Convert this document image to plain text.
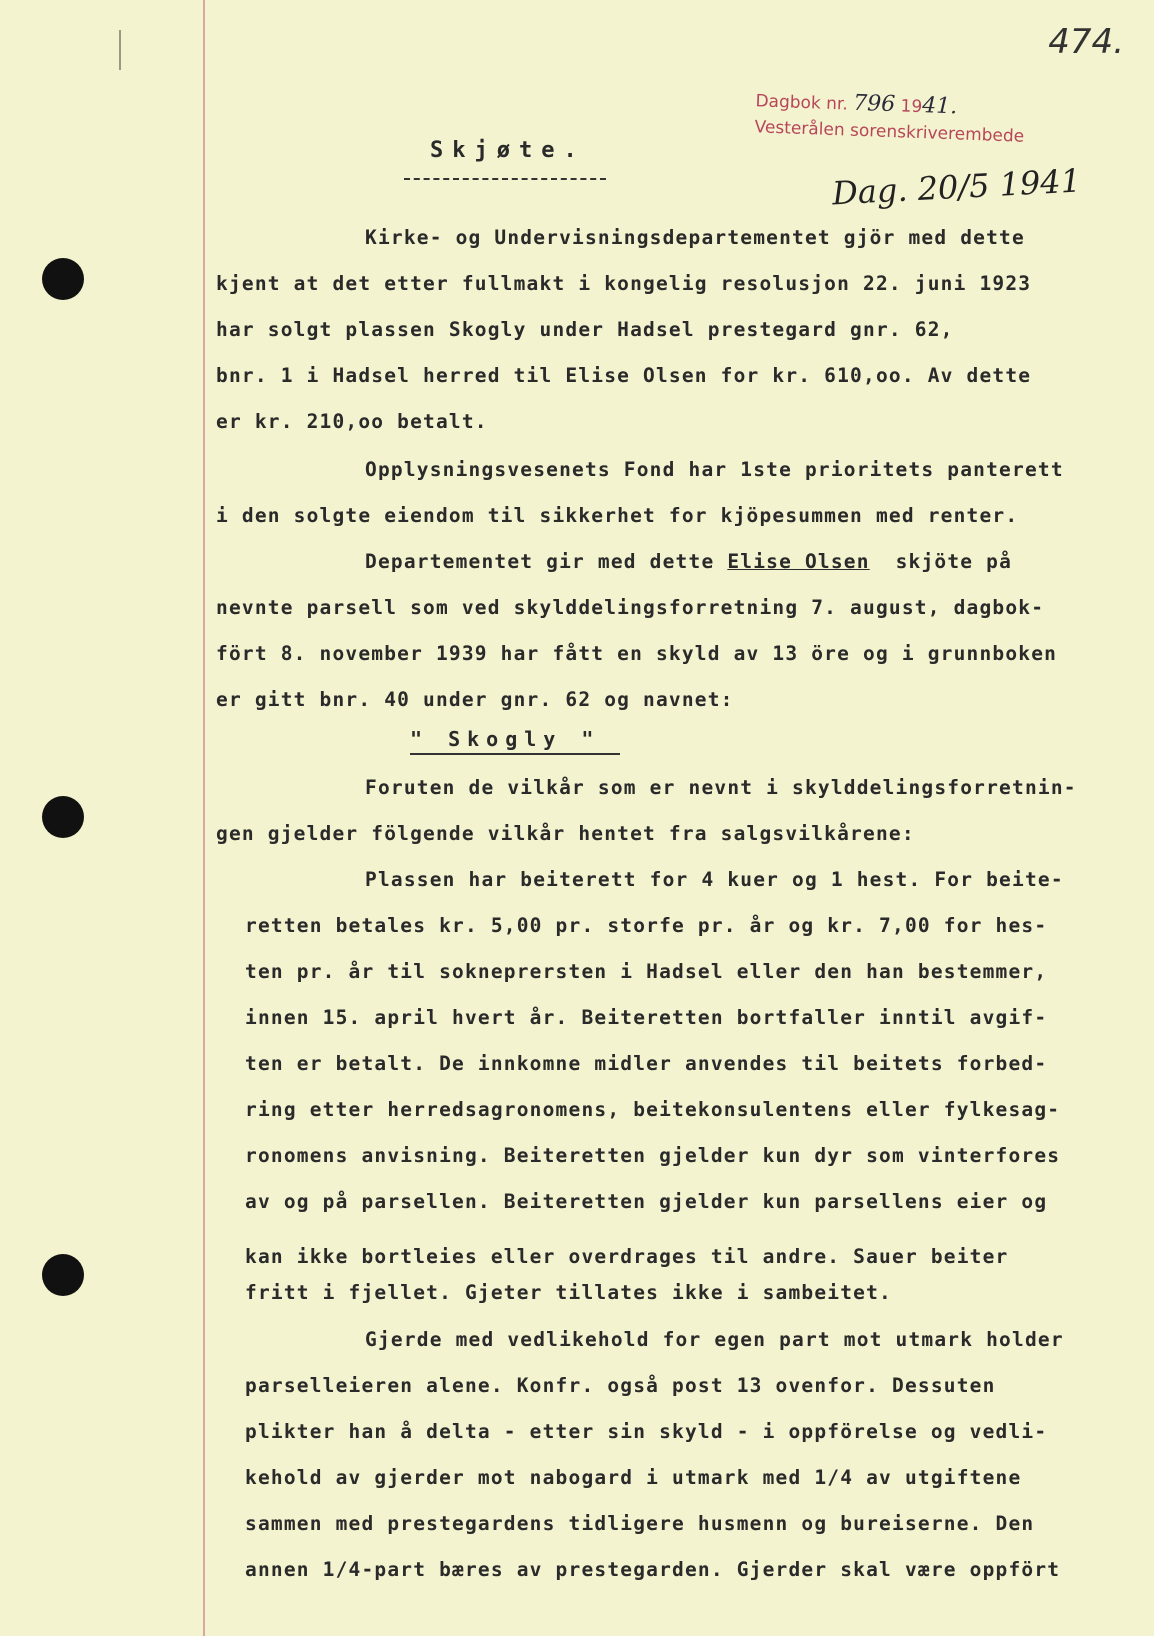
474.
Dagbok nr. 796 1941.
Vesterålen sorenskriverembede
Dag. 20/5 1941
Skjøte.
Kirke- og Undervisningsdepartementet gjör med dette
kjent at det etter fullmakt i kongelig resolusjon 22. juni 1923
har solgt plassen Skogly under Hadsel prestegard gnr. 62,
bnr. 1 i Hadsel herred til Elise Olsen for kr. 610,oo. Av dette
er kr. 210,oo betalt.
Opplysningsvesenets Fond har 1ste prioritets panterett
i den solgte eiendom til sikkerhet for kjöpesummen med renter.
Departementet gir med dette Elise Olsen skjöte på
nevnte parsell som ved skylddelingsforretning 7. august, dagbok-
fört 8. november 1939 har fått en skyld av 13 öre og i grunnboken
er gitt bnr. 40 under gnr. 62 og navnet:
" Skogly "
Foruten de vilkår som er nevnt i skylddelingsforretnin-
gen gjelder fölgende vilkår hentet fra salgsvilkårene:
Plassen har beiterett for 4 kuer og 1 hest. For beite-
retten betales kr. 5,00 pr. storfe pr. år og kr. 7,00 for hes-
ten pr. år til sokneprersten i Hadsel eller den han bestemmer,
innen 15. april hvert år. Beiteretten bortfaller inntil avgif-
ten er betalt. De innkomne midler anvendes til beitets forbed-
ring etter herredsagronomens, beitekonsulentens eller fylkesag-
ronomens anvisning. Beiteretten gjelder kun dyr som vinterfores
av og på parsellen. Beiteretten gjelder kun parsellens eier og
kan ikke bortleies eller overdrages til andre. Sauer beiter
fritt i fjellet. Gjeter tillates ikke i sambeitet.
Gjerde med vedlikehold for egen part mot utmark holder
parselleieren alene. Konfr. også post 13 ovenfor. Dessuten
plikter han å delta - etter sin skyld - i oppförelse og vedli-
kehold av gjerder mot nabogard i utmark med 1/4 av utgiftene
sammen med prestegardens tidligere husmenn og bureiserne. Den
annen 1/4-part bæres av prestegarden. Gjerder skal være oppfört
